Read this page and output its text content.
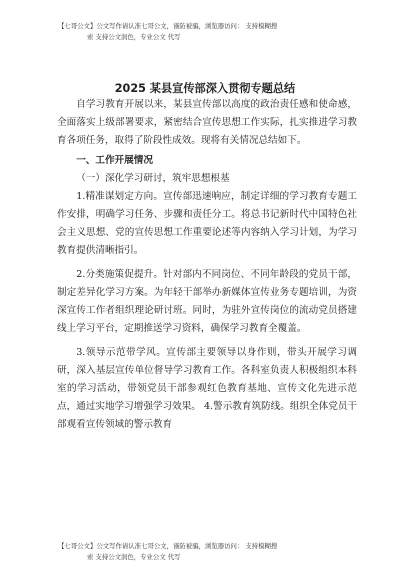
【七哥公文】公文写作请认准七哥公文，谨防被骗，浏览器访问： 支持模糊搜
索 支持公文润色，专业公文 代写
2025 某县宣传部深入贯彻专题总结

自学习教育开展以来，某县宣传部以高度的政治责任感和使命感，全面落实上级部署要求，紧密结合宣传思想工作实际，扎实推进学习教育各项任务，取得了阶段性成效。现将有关情况总结如下。

一、工作开展情况

（一）深化学习研讨，筑牢思想根基

1.精准谋划定方向。宣传部迅速响应，制定详细的学习教育专题工作安排，明确学习任务、步骤和责任分工。将总书记新时代中国特色社会主义思想、党的宣传思想工作重要论述等内容纳入学习计划，为学习教育提供清晰指引。

2.分类施策促提升。针对部内不同岗位、不同年龄段的党员干部，制定差异化学习方案。为年轻干部举办新媒体宣传业务专题培训，为资深宣传工作者组织理论研讨班。同时，为驻外宣传岗位的流动党员搭建线上学习平台，定期推送学习资料，确保学习教育全覆盖。

3.领导示范带学风。宣传部主要领导以身作则，带头开展学习调研，深入基层宣传单位督导学习教育工作。各科室负责人积极组织本科室的学习活动，带领党员干部参观红色教育基地、宣传文化先进示范点，通过实地学习增强学习效果。 4.警示教育筑防线。组织全体党员干部观看宣传领域的警示教育

【七哥公文】公文写作请认准七哥公文，谨防被骗，浏览器访问： 支持模糊搜
索 支持公文润色，专业公文 代写
